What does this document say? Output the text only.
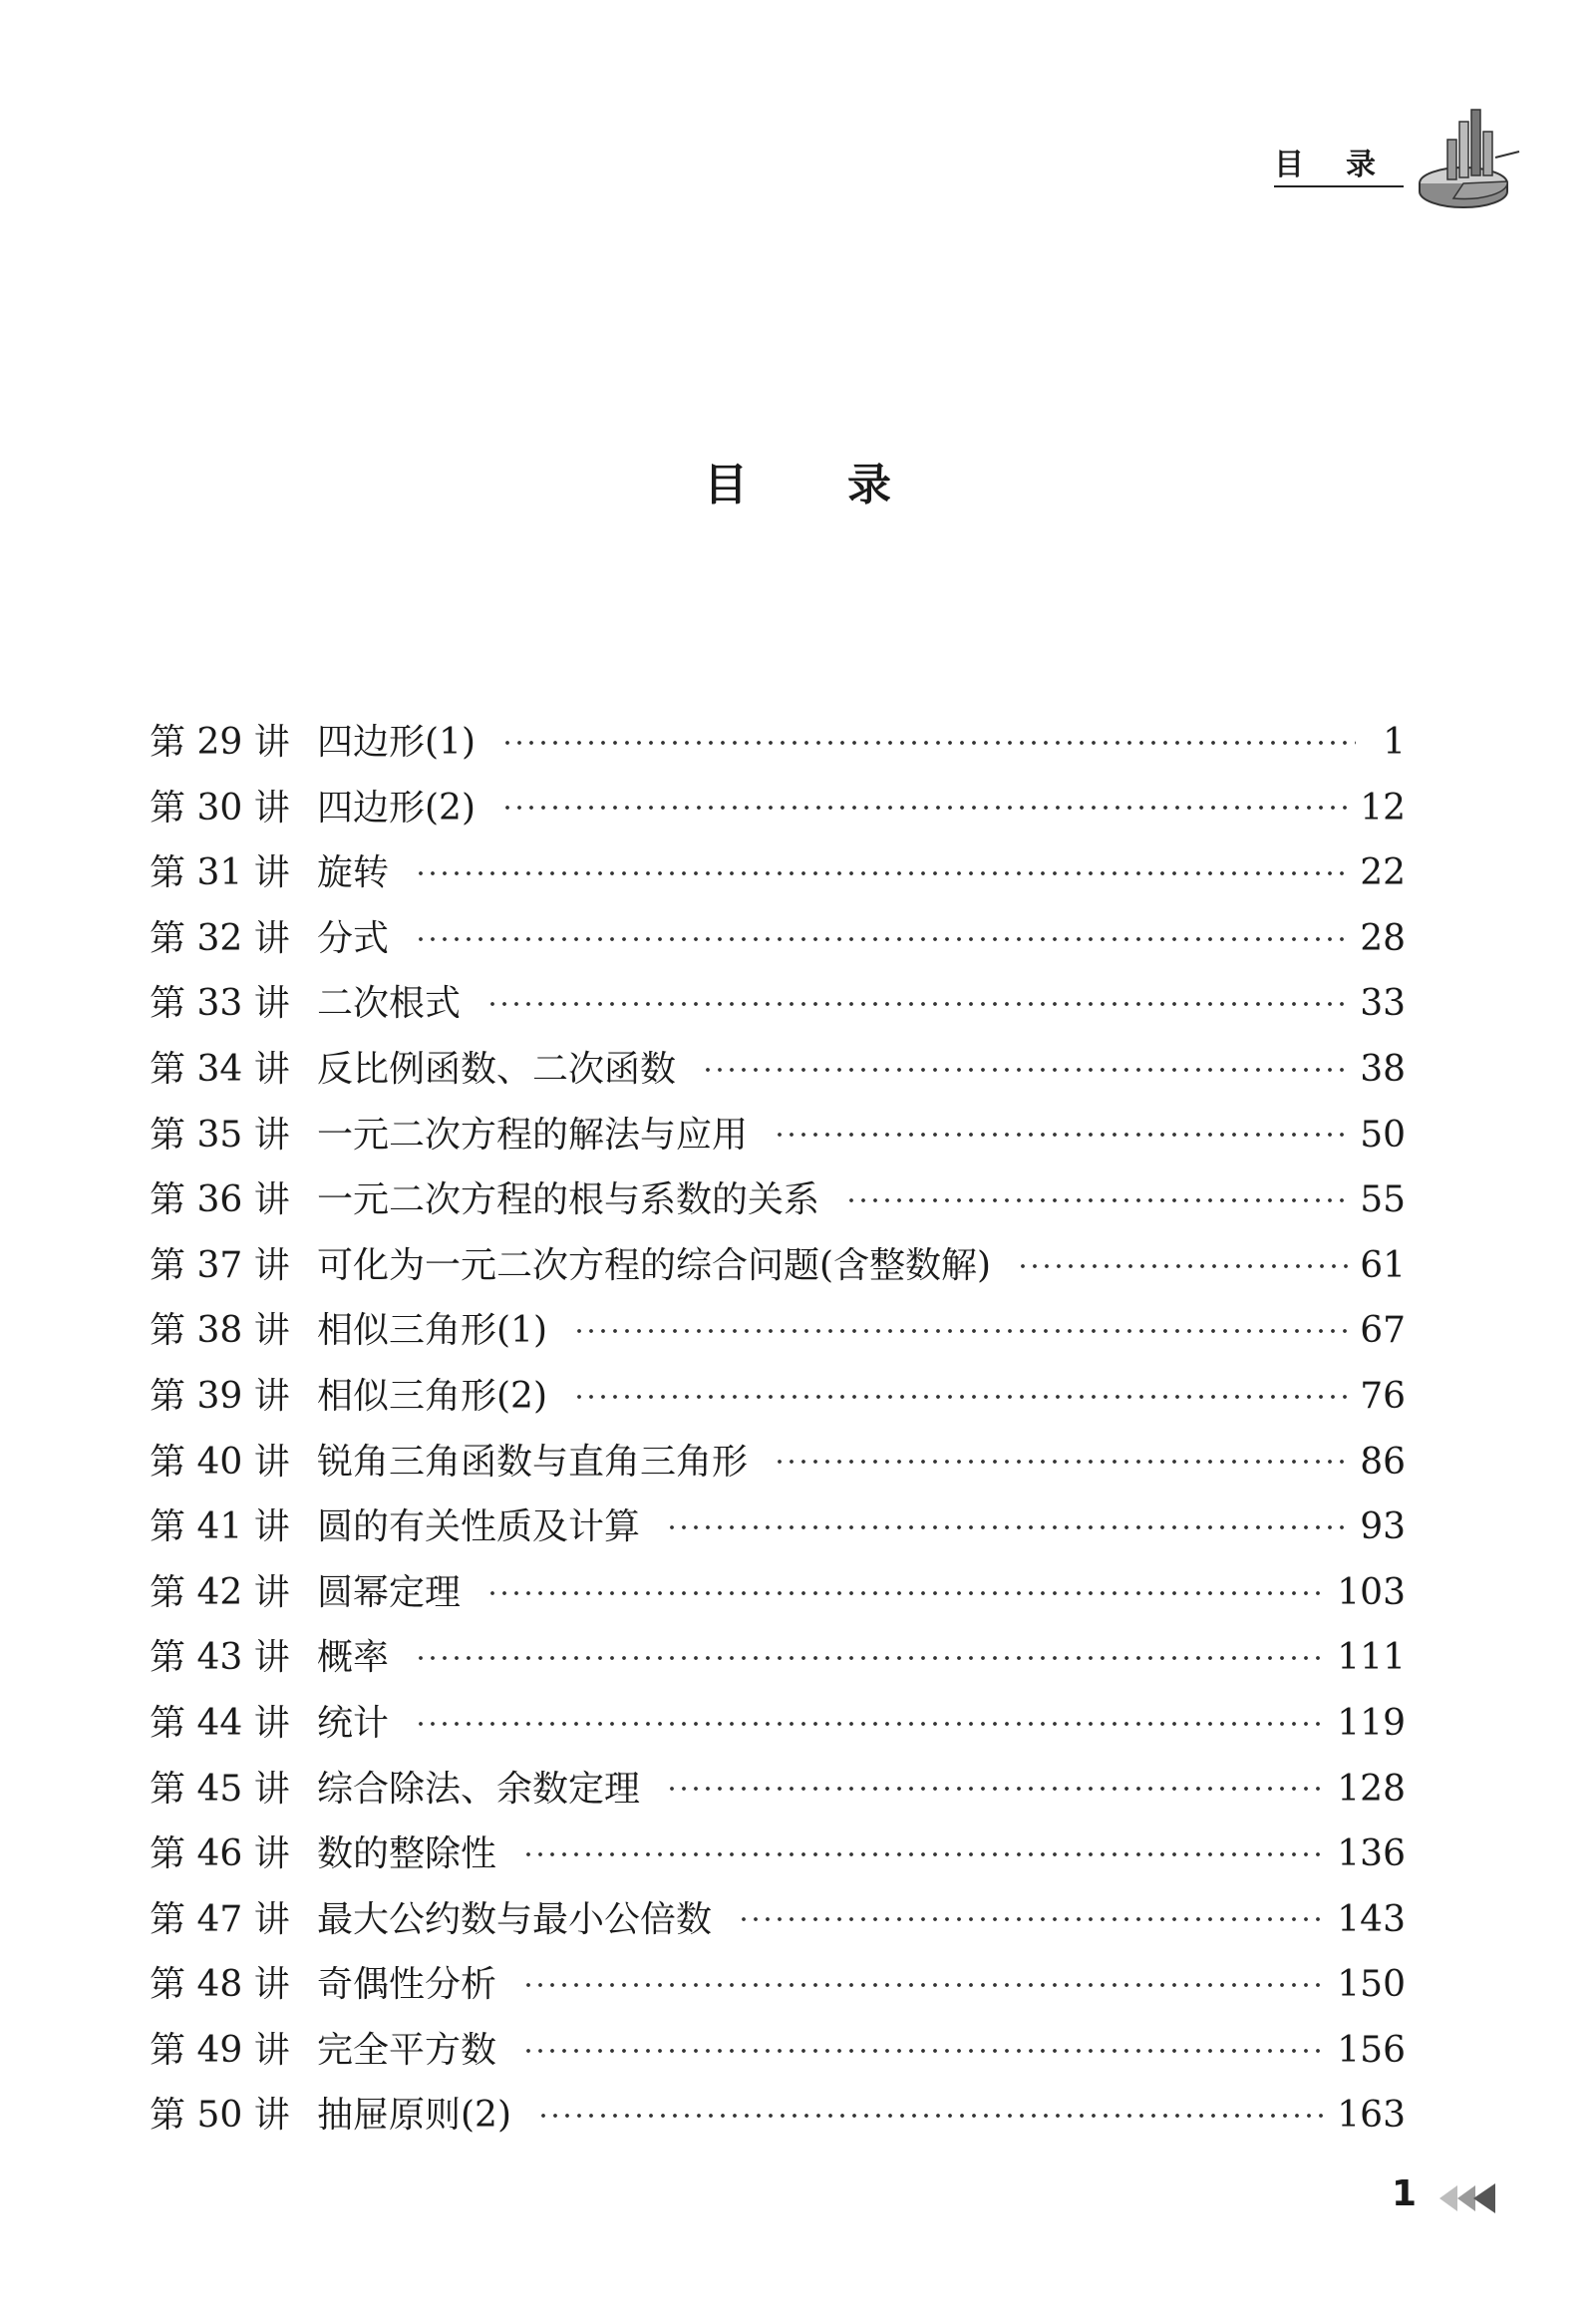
目录
目 录
第 29 讲 四边形(1)	1
第 30 讲 四边形(2)	12
第 31 讲 旋转	22
第 32 讲 分式	28
第 33 讲 二次根式	33
第 34 讲 反比例函数、二次函数	38
第 35 讲 一元二次方程的解法与应用	50
第 36 讲 一元二次方程的根与系数的关系	55
第 37 讲 可化为一元二次方程的综合问题(含整数解)	61
第 38 讲 相似三角形(1)	67
第 39 讲 相似三角形(2)	76
第 40 讲 锐角三角函数与直角三角形	86
第 41 讲 圆的有关性质及计算	93
第 42 讲 圆幂定理	103
第 43 讲 概率	111
第 44 讲 统计	119
第 45 讲 综合除法、余数定理	128
第 46 讲 数的整除性	136
第 47 讲 最大公约数与最小公倍数	143
第 48 讲 奇偶性分析	150
第 49 讲 完全平方数	156
第 50 讲 抽屉原则(2)	163
1
